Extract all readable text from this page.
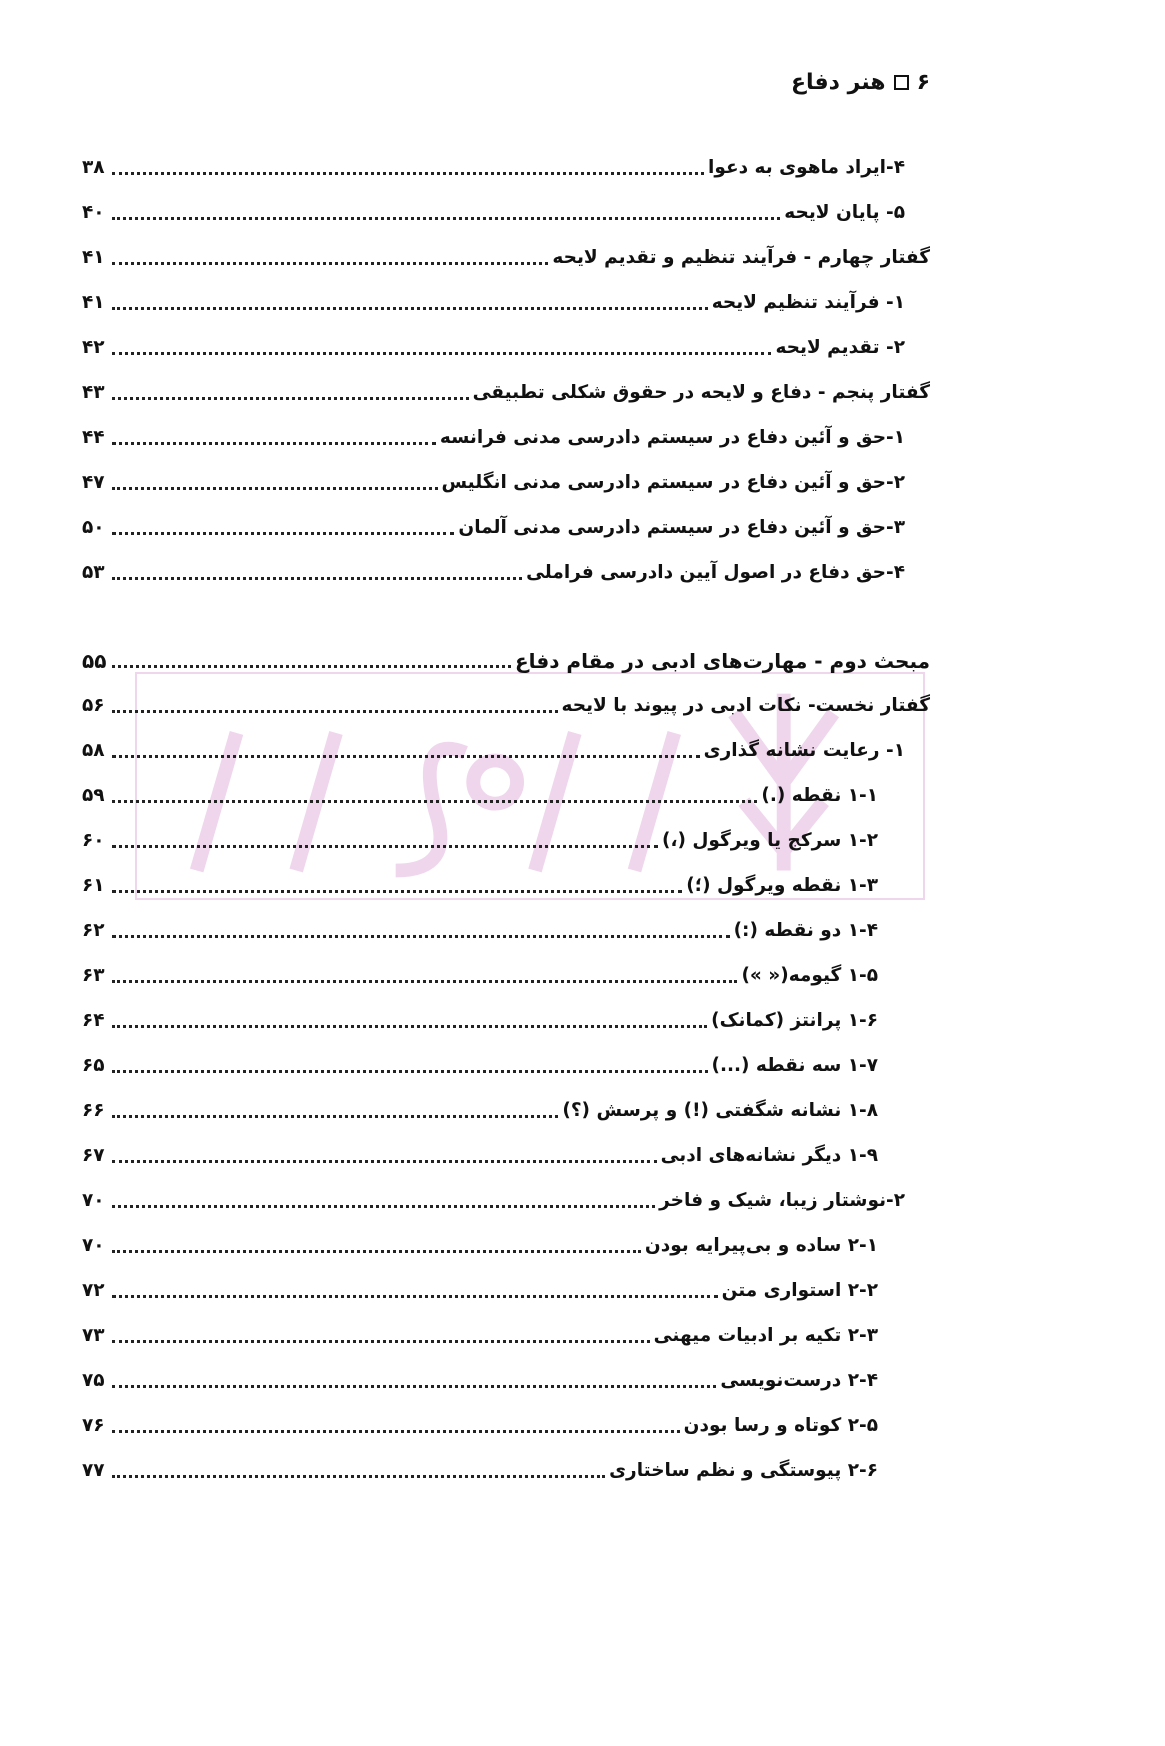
۶
هنر دفاع
۴-ایراد ماهوی به دعوا
۳۸
۵- پایان لایحه
۴۰
گفتار چهارم - فرآیند تنظیم و تقدیم لایحه
۴۱
۱- فرآیند تنظیم لایحه
۴۱
۲- تقدیم لایحه
۴۲
گفتار پنجم - دفاع و لایحه در حقوق شکلی تطبیقی
۴۳
۱-حق و آئین دفاع در سیستم دادرسی مدنی فرانسه
۴۴
۲-حق و آئین دفاع در سیستم دادرسی مدنی انگلیس
۴۷
۳-حق و آئین دفاع در سیستم دادرسی مدنی آلمان
۵۰
۴-حق دفاع در اصول آیین دادرسی فراملی
۵۳
مبحث دوم - مهارت‌های ادبی در مقام دفاع
۵۵
گفتار نخست- نکات ادبی در پیوند با لایحه
۵۶
۱- رعایت نشانه گذاری
۵۸
۱-۱ نقطه (.)
۵۹
۱-۲ سرکج یا ویرگول (،)
۶۰
۱-۳ نقطه ویرگول (؛)
۶۱
۱-۴ دو نقطه (:)
۶۲
۱-۵ گیومه(« »)
۶۳
۱-۶ پرانتز (کمانک)
۶۴
۱-۷ سه نقطه (...)
۶۵
۱-۸ نشانه شگفتی (!) و پرسش (؟)
۶۶
۱-۹ دیگر نشانه‌های ادبی
۶۷
۲-نوشتار زیبا، شیک و فاخر
۷۰
۲-۱ ساده و بی‌پیرایه بودن
۷۰
۲-۲ استواری متن
۷۲
۲-۳ تکیه بر ادبیات میهنی
۷۳
۲-۴ درست‌نویسی
۷۵
۲-۵ کوتاه و رسا بودن
۷۶
۲-۶ پیوستگی و نظم ساختاری
۷۷
